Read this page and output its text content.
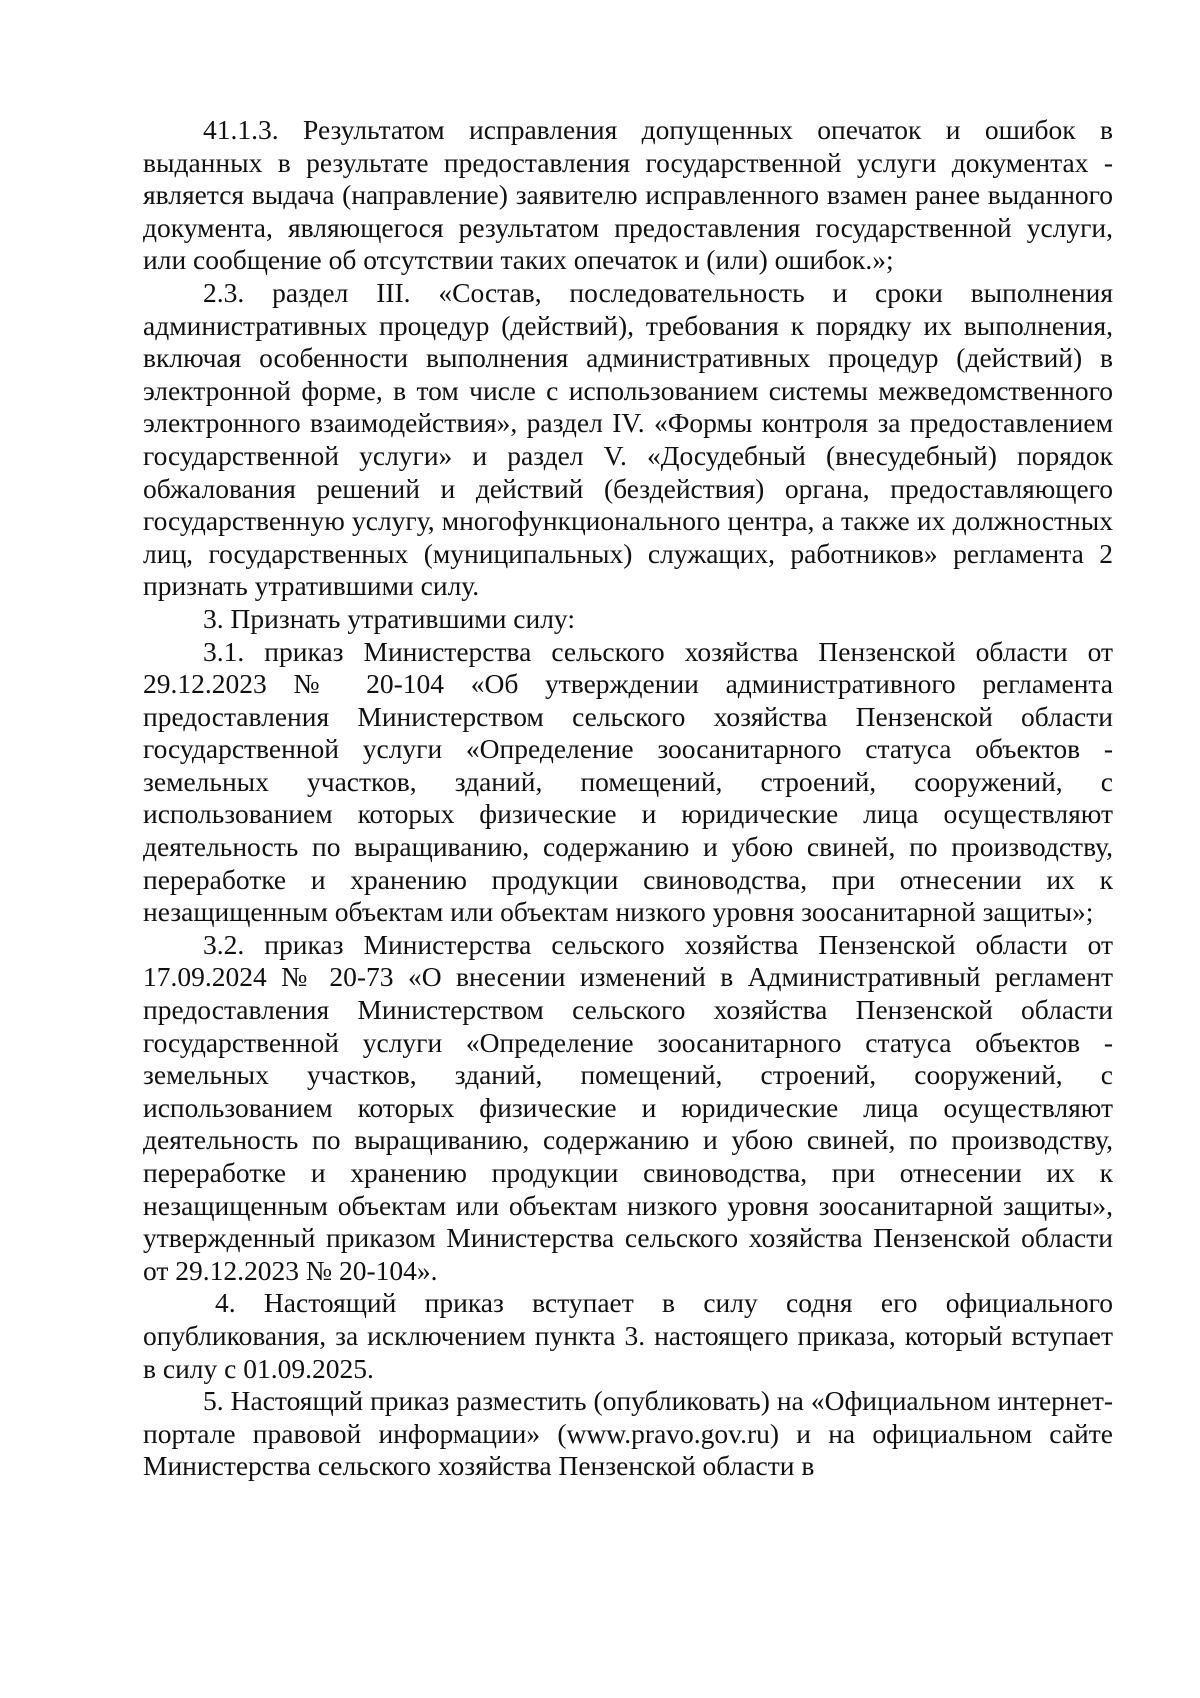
41.1.3. Результатом исправления допущенных опечаток и ошибок в выданных в результате предоставления государственной услуги документах - является выдача (направление) заявителю исправленного взамен ранее выданного документа, являющегося результатом предоставления государственной услуги, или сообщение об отсутствии таких опечаток и (или) ошибок.»;

2.3. раздел III. «Состав, последовательность и сроки выполнения административных процедур (действий), требования к порядку их выполнения, включая особенности выполнения административных процедур (действий) в электронной форме, в том числе с использованием системы межведомственного электронного взаимодействия», раздел IV. «Формы контроля за предоставлением государственной услуги» и раздел V. «Досудебный (внесудебный) порядок обжалования решений и действий (бездействия) органа, предоставляющего государственную услугу, многофункционального центра, а также их должностных лиц, государственных (муниципальных) служащих, работников» регламента 2 признать утратившими силу.

3. Признать утратившими силу:

3.1. приказ Министерства сельского хозяйства Пензенской области от 29.12.2023 № 20-104 «Об утверждении административного регламента предоставления Министерством сельского хозяйства Пензенской области государственной услуги «Определение зоосанитарного статуса объектов - земельных участков, зданий, помещений, строений, сооружений, с использованием которых физические и юридические лица осуществляют деятельность по выращиванию, содержанию и убою свиней, по производству, переработке и хранению продукции свиноводства, при отнесении их к незащищенным объектам или объектам низкого уровня зоосанитарной защиты»;

3.2. приказ Министерства сельского хозяйства Пензенской области от 17.09.2024 № 20-73 «О внесении изменений в Административный регламент предоставления Министерством сельского хозяйства Пензенской области государственной услуги «Определение зоосанитарного статуса объектов - земельных участков, зданий, помещений, строений, сооружений, с использованием которых физические и юридические лица осуществляют деятельность по выращиванию, содержанию и убою свиней, по производству, переработке и хранению продукции свиноводства, при отнесении их к незащищенным объектам или объектам низкого уровня зоосанитарной защиты», утвержденный приказом Министерства сельского хозяйства Пензенской области от 29.12.2023 № 20-104».

4. Настоящий приказ вступает в силу содня его официального опубликования, за исключением пункта 3. настоящего приказа, который вступает в силу с 01.09.2025.

5. Настоящий приказ разместить (опубликовать) на «Официальном интернет-портале правовой информации» (www.pravo.gov.ru) и на официальном сайте Министерства сельского хозяйства Пензенской области в
